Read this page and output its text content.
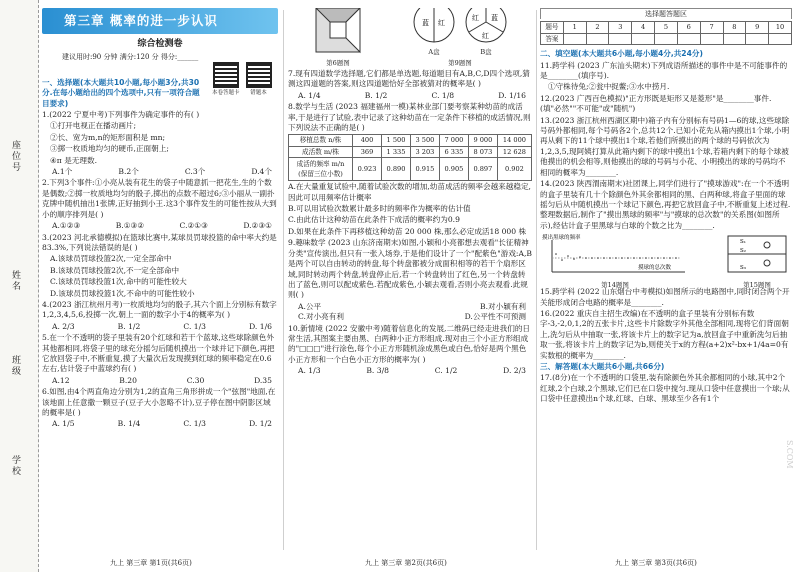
座位号
姓名
班级
学校
第三章 概率的进一步认识
综合检测卷
建议用时:90 分钟 满分:120 分 得分:______
一、选择题(本大题共10小题,每小题3分,共30分.在每小题给出的四个选项中,只有一项符合题目要求)
1.(2022 宁夏中考)下列事件为确定事件的有( )
①打开电视正在播动画片;
②长、宽为m,n的矩形面积是 mn;
③掷一枚质地均匀的硬币,正面朝上;
④π 是无理数.
A.1个	B.2个	C.3个	D.4个
2.下列3个事件:①小亮从装有花生的袋子中随意抓一把花生,生的个数是偶数;②掷一枚质地均匀的骰子,掷出的点数不超过6;③小丽从一副扑克牌中随机抽出1张牌,正好抽到小王.这3个事件发生的可能性按从大到小的顺序排列是( )
A.①②③	B.①③②	C.②①③	D.②③①
3.(2023 河北承德模拟)在篮球比赛中,某球员罚球投篮的命中率大约是 83.3%,下列说法错误的是( )
A.该球员罚球投篮2次,一定全部命中
B.该球员罚球投篮2次,不一定全部命中
C.该球员罚球投篮1次,命中的可能性较大
D.该球员罚球投篮1次,不命中的可能性较小
4.(2023 浙江杭州月考)一枚质地均匀的骰子,其六个面上分别标有数字1,2,3,4,5,6,投掷一次,朝上一面的数字小于4的概率为( )
A. 2/3	B. 1/2	C. 1/3	D. 1/6
5.在一个不透明的袋子里装有20个红球和若干个蓝球,这些球除颜色外其他都相同,将袋子里的球充分摇匀后随机摸出一个球并记下颜色,再把它放回袋子中,不断重复,摸了大量次后发现摸到红球的频率稳定在0.6左右,估计袋子中蓝球约有( )
A.12	B.20	C.30	D.35
6.如图,由4个两直角边分别为1,2的直角三角形拼成一个"弦图"地面,在该地面上任意撒一颗豆子(豆子大小忽略不计),豆子停在图中阴影区域的概率是( )
A. 1/5	B. 1/4	C. 1/3	D. 1/2
本卷答题卡 错题本
九上 第三章 第1页(共6页)
第6题图
蓝 红
A盘
红 蓝
红
B盘
第9题图
7.现有四道数学选择题,它们都是单选题,每道题目有A,B,C,D四个选项,猜测这四道题的答案,则这四道题恰好全部被猜对的概率是( )
A. 1/4	B. 1/2	C. 1/8	D. 1/16
8.数学与生活 (2023 福建福州一模)某林业部门要考察某种幼苗的成活率,于是进行了试验,表中记录了这种幼苗在一定条件下移植的成活情况,则下列说法不正确的是( )
移植总数 n/株	400	1 500	3 500	7 000	9 000	14 000
成活数 m/株	369	1 335	3 203	6 335	8 073	12 628
成活的频率 m/n
(保留三位小数)	0.923	0.890	0.915	0.905	0.897	0.902
A.在大量重复试验中,随着试验次数的增加,幼苗成活的频率会越来越稳定,因此可以用频率估计概率
B.可以用试验次数累计最多时的频率作为概率的估计值
C.由此估计这种幼苗在此条件下成活的概率约为0.9
D.如果在此条件下再移植这种幼苗 20 000 株,那么必定成活18 000 株
9.趣味数学 (2023 山东济南期末)如图,小颖和小亮都想去观看"长征精神分类"宣传演出,但只有一张入场券,于是他们设计了一个"配紫色"游戏:A,B是两个可以自由转动的转盘,每个转盘都被分成面积相等的若干个扇形区域,同时转动两个转盘,转盘停止后,若一个转盘转出了红色,另一个转盘转出了蓝色,则可以配成紫色.若配成紫色,小颖去观看,否则小亮去观看.此规则( )
A.公平	B.对小颖有利
C.对小亮有利	D.公平性不可预测
10.新情境 (2022 安徽中考)随着信息化的发展,二维码已经走进我们的日常生活,其图案主要由黑、白两种小正方形组成.现对由三个小正方形组成的"□□□"进行涂色,每个小正方形随机涂成黑色或白色,恰好是两个黑色小正方形和一个白色小正方形的概率为( )
A. 1/3	B. 3/8	C. 1/2	D. 2/3
九上 第三章 第2页(共6页)
选择题答题区
题号	1	2	3	4	5	6	7	8	9	10
答案										
二、填空题(本大题共6小题,每小题4分,共24分)
11.跨学科 (2023 广东汕头期末)下列成语所描述的事件中是不可能事件的是________(填序号).
①守株待兔;②瓮中捉鳖;③水中捞月.
12.(2023 广西百色模拟)"正方形既是矩形又是菱形"是________事件.(填"必然""不可能"或"随机")
13.(2023 浙江杭州西湖区期中)箱子内有分别标有号码1—6的球,这些球除号码外都相同,每个号码各2个,总共12个.已知小花先从箱内摸出1个球,小明再从剩下的11个球中摸出1个球,若他们所摸出的两个球的号码依次为 1,2,3,5,现阿姨打算从此箱内剩下的球中摸出1个球,若箱内剩下的每个球被他摸出的机会相等,则他摸出的球的号码与小花、小明摸出的球的号码均不相同的概率为________.
14.(2023 陕西渭南期末)社团课上,同学们进行了"摸球游戏":在一个不透明的盒子里装有几十个除颜色外其余都相同的黑、白两种球,将盒子里面的球摇匀后从中随机摸出一个球记下颜色,再把它放回盒子中,不断重复上述过程.整理数据后,制作了"摸出黑球的频率"与"摸球的总次数"的关系图(如图所示),经估计盒子里黑球与白球的个数之比为________.
摸出黑球的频率
摸球的总次数
第14题图
S₁
S₂
S₃
第15题图
15.跨学科 (2022 山东烟台中考模拟)如图所示的电路图中,同时闭合两个开关能形成闭合电路的概率是________.
16.(2022 重庆自主招生改编)在不透明的盒子里装有分别标有数字-3,-2,0,1,2的五张卡片,这些卡片除数字外其他全部相同,现将它们背面朝上,洗匀后从中抽取一张,将该卡片上的数字记为a,放回盒子中重新洗匀后抽取一张,将该卡片上的数字记为b,则使关于x的方程(a+2)x²-bx+1/4a=0有实数根的概率为________.
三、解答题(本大题共6小题,共66分)
17.(8分)在一个不透明的口袋里,装有除颜色外其余都相同的小球,其中2个红球,2个白球,2个黑球,它们已在口袋中搅匀.现从口袋中任意摸出一个球;从口袋中任意摸出n个球,红球、白球、黑球至少各有1个
S.COM
九上 第三章 第3页(共6页)
